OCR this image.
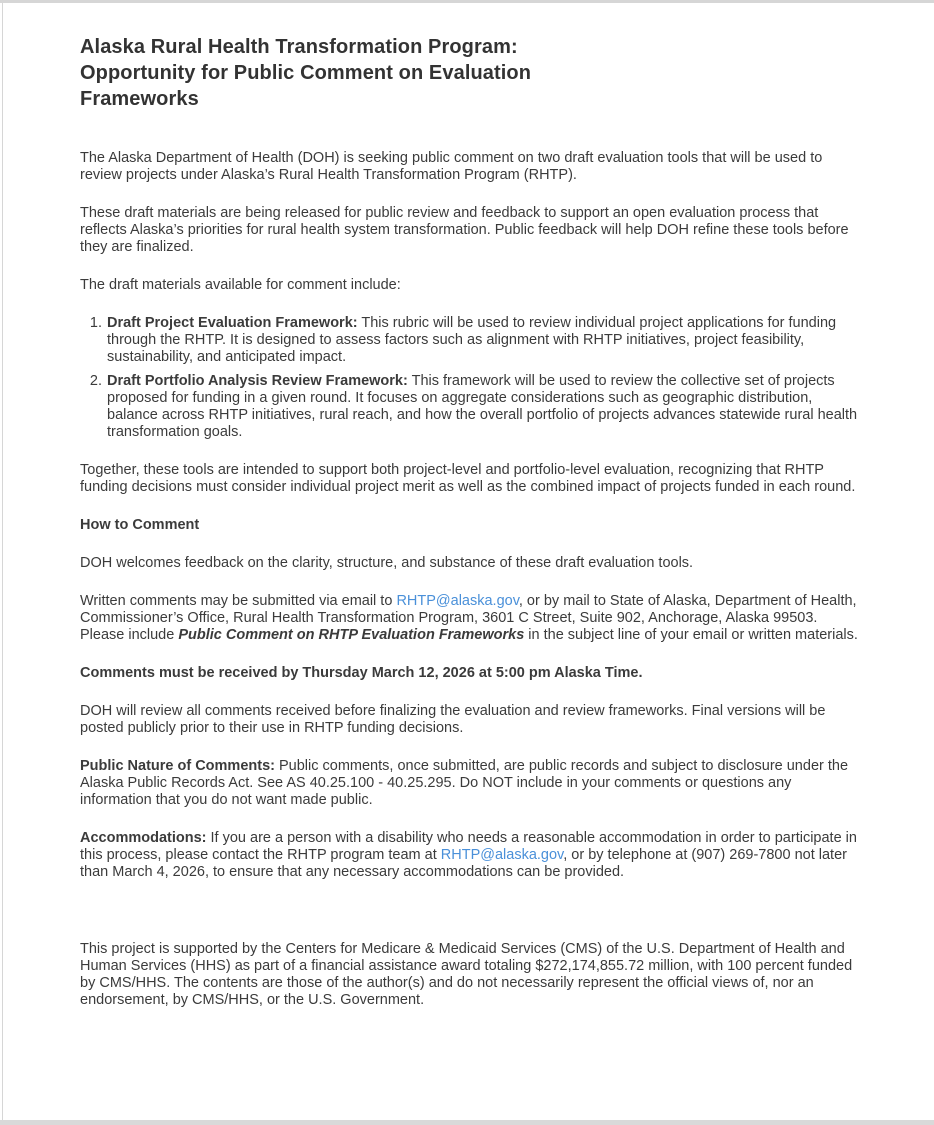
Alaska Rural Health Transformation Program: Opportunity for Public Comment on Evaluation Frameworks

The Alaska Department of Health (DOH) is seeking public comment on two draft evaluation tools that will be used to review projects under Alaska’s Rural Health Transformation Program (RHTP).

These draft materials are being released for public review and feedback to support an open evaluation process that reflects Alaska’s priorities for rural health system transformation. Public feedback will help DOH refine these tools before they are finalized.

The draft materials available for comment include:

1. Draft Project Evaluation Framework: This rubric will be used to review individual project applications for funding through the RHTP. It is designed to assess factors such as alignment with RHTP initiatives, project feasibility, sustainability, and anticipated impact.
2. Draft Portfolio Analysis Review Framework: This framework will be used to review the collective set of projects proposed for funding in a given round. It focuses on aggregate considerations such as geographic distribution, balance across RHTP initiatives, rural reach, and how the overall portfolio of projects advances statewide rural health transformation goals.

Together, these tools are intended to support both project-level and portfolio-level evaluation, recognizing that RHTP funding decisions must consider individual project merit as well as the combined impact of projects funded in each round.

How to Comment

DOH welcomes feedback on the clarity, structure, and substance of these draft evaluation tools.

Written comments may be submitted via email to RHTP@alaska.gov, or by mail to State of Alaska, Department of Health, Commissioner’s Office, Rural Health Transformation Program, 3601 C Street, Suite 902, Anchorage, Alaska 99503. Please include Public Comment on RHTP Evaluation Frameworks in the subject line of your email or written materials.

Comments must be received by Thursday March 12, 2026 at 5:00 pm Alaska Time.

DOH will review all comments received before finalizing the evaluation and review frameworks. Final versions will be posted publicly prior to their use in RHTP funding decisions.

Public Nature of Comments: Public comments, once submitted, are public records and subject to disclosure under the Alaska Public Records Act. See AS 40.25.100 - 40.25.295. Do NOT include in your comments or questions any information that you do not want made public.

Accommodations: If you are a person with a disability who needs a reasonable accommodation in order to participate in this process, please contact the RHTP program team at RHTP@alaska.gov, or by telephone at (907) 269-7800 not later than March 4, 2026, to ensure that any necessary accommodations can be provided.

This project is supported by the Centers for Medicare & Medicaid Services (CMS) of the U.S. Department of Health and Human Services (HHS) as part of a financial assistance award totaling $272,174,855.72 million, with 100 percent funded by CMS/HHS. The contents are those of the author(s) and do not necessarily represent the official views of, nor an endorsement, by CMS/HHS, or the U.S. Government.
